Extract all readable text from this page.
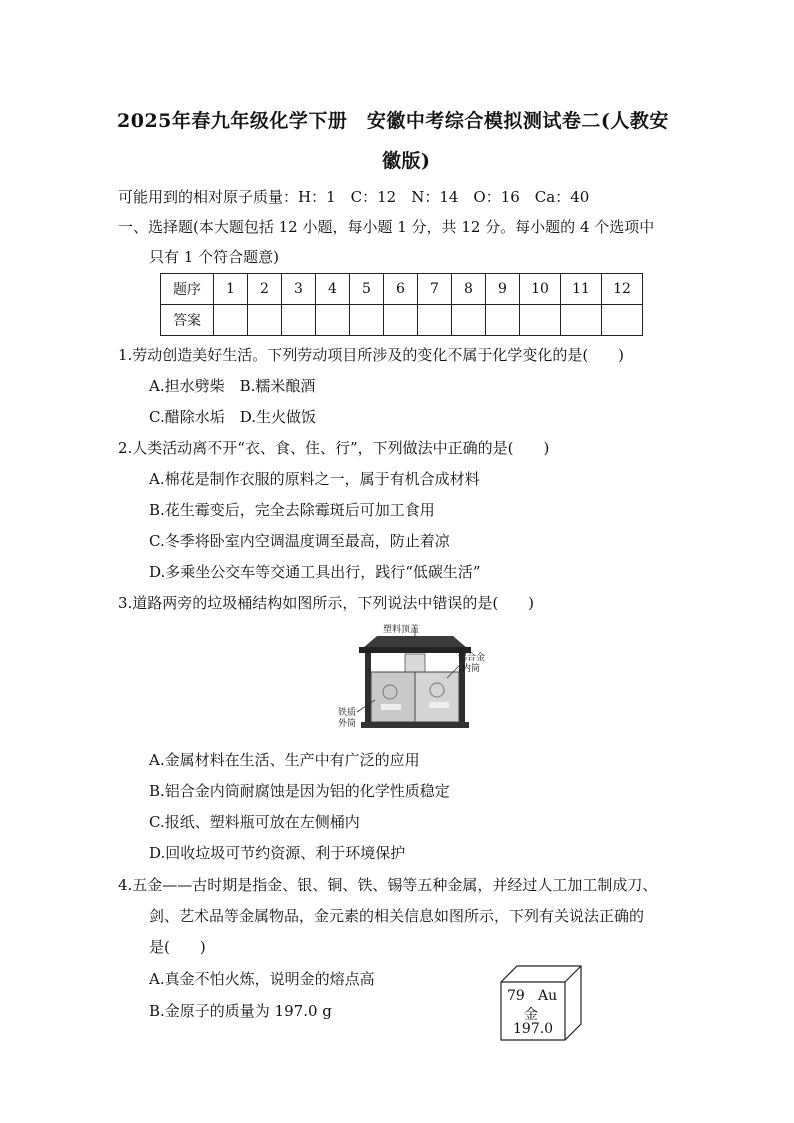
2025年春九年级化学下册　安徽中考综合模拟测试卷二(人教安
徽版)
可能用到的相对原子质量：H：1　C：12　N：14　O：16　Ca：40
一、选择题(本大题包括 12 小题，每小题 1 分，共 12 分。每小题的 4 个选项中
只有 1 个符合题意)
题序	1	2	3	4	5	6	7	8	9	10	11	12
答案												
1.劳动创造美好生活。下列劳动项目所涉及的变化不属于化学变化的是(　　)
A.担水劈柴　B.糯米酿酒
C.醋除水垢　D.生火做饭
2.人类活动离不开“衣、食、住、行”，下列做法中正确的是(　　)
A.棉花是制作衣服的原料之一，属于有机合成材料
B.花生霉变后，完全去除霉斑后可加工食用
C.冬季将卧室内空调温度调至最高，防止着凉
D.多乘坐公交车等交通工具出行，践行“低碳生活”
3.道路两旁的垃圾桶结构如图所示，下列说法中错误的是(　　)
塑料顶盖
铝合金
内筒
铁质
外筒
A.金属材料在生活、生产中有广泛的应用
B.铝合金内筒耐腐蚀是因为铝的化学性质稳定
C.报纸、塑料瓶可放在左侧桶内
D.回收垃圾可节约资源、利于环境保护
4.五金——古时期是指金、银、铜、铁、锡等五种金属，并经过人工加工制成刀、
剑、艺术品等金属物品，金元素的相关信息如图所示，下列有关说法正确的
是(　　)
A.真金不怕火炼，说明金的熔点高
B.金原子的质量为 197.0 g
79 Au
金
197.0
